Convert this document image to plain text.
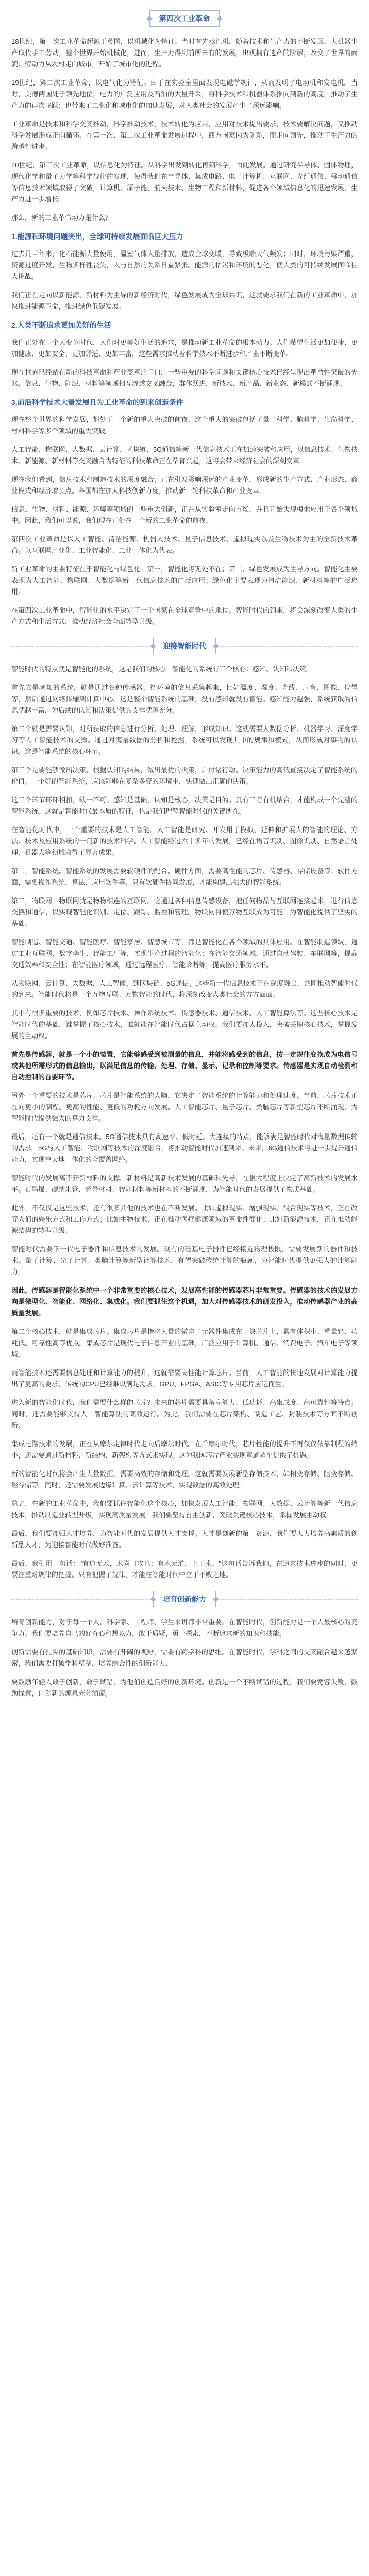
第四次工业革命

18世纪，第一次工业革命起源于英国，以机械化为特征。当时有先蒸汽机，随着技术和生产力的不断发展，大机器生产取代手工劳动，整个世界开始机械化，进而，生产力得到前所未有的发展，出现拥有遗产的阶层，改变了世界的面貌；劳动力从农村走向城市，开始了城市化的进程。

19世纪，第二次工业革命，以电气化为特征。由于在实验室里面发现电磁学规律，从而发明了电动机和发电机。当时，美德两国处于领先地位，电力的广泛应用及石油的大量开采，将科学技术和机器体系推向到新的高度，推动了生产力的再次飞跃；也带来了工业化和城市化的加速发展，对人类社会的发展产生了深远影响。

工业革命是技术和科学交叉推动，科学推动技术，技术转化为应用，应用对技术提出要求，技术要解决问题，又推动科学发展形成正向循环。在第一次、第二次工业革命发展过程中，西方国家因为创新，而走向领先，推动了生产力的跨越性进步。

20世纪，第三次工业革命，以信息化为特征。从科学出发到转化再到科学，由此发展。通过研究半导体、固体物理，现代化学和量子力学等科学规律的发现，使得我们在半导体、集成电路、电子计算机、互联网、光纤通信、移动通信等信息技术领域取得了突破，计算机、原子能、航天技术、生物工程和新材料，促进各个领域信息化的迅速发展，生产力进一步增长。

那么，新的工业革命动力是什么？

1.能源和环境问题突出，全球可持续发展面临巨大压力

过去几百年来，化石能源大量使用，温室气体大量排放，造成全球变暖，导致极端天气频发；同时，环境污染严重，资源过度开发，生物多样性丧失，人与自然的关系日益紧张。能源的枯竭和环境的恶化，使人类的可持续发展面临巨大挑战。

我们正在走向以新能源、新材料为主导的新经济时代，绿色发展成为全球共识，这就要求我们在新的工业革命中，加快推进能源革命，推进绿色低碳发展。

2.人类不断追求更加美好的生活

我们正处在一个大变革时代，人们对更美好生活的追求，是推动新工业革命的根本动力。人们希望生活更加便捷、更加健康、更加安全、更加舒适、更加丰富，这些需求推动着科学技术不断进步和产业不断变革。

现在世界已经站在新的科技革命和产业变革的门口，一些重要的科学问题和关键核心技术已经呈现出革命性突破的先兆。信息、生物、能源、材料等领域相互渗透交叉融合，群体跃进，新技术、新产品、新业态、新模式不断涌现。

3.前沿科学技术大量发展且为工业革命的到来创造条件

现在整个世界的科学发展，都处于一个新的重大突破的前夜，这个重大的突破包括了量子科学、脑科学、生命科学、材料科学等多个领域的重大突破。

人工智能、物联网、大数据、云计算、区块链、5G通信等新一代信息技术正在加速突破和应用，以信息技术、生物技术、新能源、新材料等交叉融合为特征的科技革命正在孕育兴起，这将会带来经济社会的深刻变革。

现在我们看到，信息技术和制造技术的深度融合，正在引发影响深远的产业变革，形成新的生产方式、产业形态、商业模式和经济增长点。各国都在加大科技创新力度，推动新一轮科技革命和产业变革。

信息、生物、材料、能源、环境等领域的一些重大创新，正在从实验室走向市场，并且开始大规模地应用于各个领域中。因此，我们可以说，我们现在正处在一个新的工业革命的前夜。

第四次工业革命是以人工智能、清洁能源、机器人技术、量子信息技术、虚拟现实以及生物技术为主的全新技术革命。以互联网产业化、工业智能化、工业一体化为代表。

新工业革命的主要特征在于智能化与绿色化。第一，智能化将无处不在；第二，绿色发展成为主导方向。智能化主要表现为人工智能、物联网、大数据等新一代信息技术的广泛应用；绿色化主要表现为清洁能源、新材料等的广泛应用。

在第四次工业革命中，智能化的水平决定了一个国家在全球竞争中的地位。智能时代的到来，将会深刻改变人类的生产方式和生活方式，推动经济社会全面转型升级。

迎接智能时代

智能时代的特点就是智能化的系统，这是我们的核心。智能化的系统有三个核心：感知、认知和决策。

首先它是感知的系统，就是通过各种传感器，把环境的信息采集起来，比如温度、湿度、光线、声音、图像、位置等，然后通过网络传输到计算中心。这是整个智能系统的基础，没有感知就没有智能。感知能力越强，系统获取的信息就越丰富，为后续的认知和决策提供的支撑就越充分。

第二个就是需要认知，对所获取的信息进行分析、处理、理解，形成知识。这就需要大数据分析、机器学习、深度学习等人工智能技术的支撑。通过对海量数据的分析和挖掘，系统可以发现其中的规律和模式，从而形成对事物的认识。这是智能系统的核心环节。

第三个是要能够做出决策，根据认知的结果，做出最优的决策，并付诸行动。决策能力的高低直接决定了智能系统的价值。一个好的智能系统，应该能够在复杂多变的环境中，快速做出正确的决策。

这三个环节环环相扣，缺一不可。感知是基础，认知是核心，决策是目的。只有三者有机结合，才能构成一个完整的智能系统。这就是智能时代最本质的特征，也是我们理解智能时代的关键所在。

在智能化时代中，一个重要的技术是人工智能。人工智能是研究、开发用于模拟、延伸和扩展人的智能的理论、方法、技术及应用系统的一门新的技术科学。人工智能经过六十多年的发展，已经在语音识别、图像识别、自然语言处理、机器人等领域取得了显著成果。

第二，智能系统。智能系统的发展需要软硬件的配合。硬件方面，需要高性能的芯片、传感器、存储设备等；软件方面，需要操作系统、算法、应用软件等。只有软硬件协同发展，才能构建出强大的智能系统。

第三，物联网。物联网就是物物相连的互联网。它通过各种信息传感设备，把任何物品与互联网连接起来，进行信息交换和通信，以实现智能化识别、定位、跟踪、监控和管理。物联网将使万物互联成为可能，为智能化提供了坚实的基础。

智能制造、智能交通、智能医疗、智能家居、智慧城市等，都是智能化在各个领域的具体应用。在智能制造领域，通过工业互联网、数字孪生、智能工厂等，实现生产过程的智能化；在智能交通领域，通过自动驾驶、车联网等，提高交通效率和安全性；在智能医疗领域，通过远程医疗、智能诊断等，提高医疗服务水平。

从物联网、云计算、大数据、人工智能，到区块链、5G通信，这些新一代信息技术正在深度融合，共同推动智能时代的到来。智能时代将是一个万物互联、万物智能的时代，将深刻改变人类社会的方方面面。

其中有很多重要的技术，例如芯片技术、操作系统技术、传感器技术、通信技术、人工智能算法等。这些核心技术是智能时代的基础，谁掌握了核心技术，谁就能在智能时代占据主动权。我们要加大投入，突破关键核心技术，掌握发展的主动权。

首先是传感器，就是一个小的装置，它能够感受到被测量的信息，并能将感受到的信息，按一定规律变换成为电信号或其他所需形式的信息输出，以满足信息的传输、处理、存储、显示、记录和控制等要求。传感器是实现自动检测和自动控制的首要环节。

另外一个重要的技术是芯片。芯片是智能系统的大脑，它决定了智能系统的计算能力和处理速度。当前，芯片技术正在向更小的制程、更高的性能、更低的功耗方向发展。人工智能芯片、量子芯片、类脑芯片等新型芯片不断涌现，为智能时代提供强大的算力支撑。

最后，还有一个就是通信技术。5G通信技术具有高速率、低时延、大连接的特点，能够满足智能时代对海量数据传输的需求。5G与人工智能、物联网等技术的深度融合，将推动智能时代加速到来。未来，6G通信技术将进一步提升通信能力，实现空天地一体化的全覆盖网络。

智能时代的发展离不开新材料的支撑。新材料是高新技术发展的基础和先导，在很大程度上决定了高新技术的发展水平。石墨烯、碳纳米管、超导材料、智能材料等新材料的不断涌现，为智能时代的发展提供了物质基础。

此外，不仅仅是这些技术，还有很多其他的技术也在不断发展。比如虚拟现实、增强现实、混合现实等技术，正在改变人们的娱乐方式和工作方式；比如生物技术，正在推动医疗健康领域的革命性变化；比如新能源技术，正在推动能源结构的转型升级。

智能时代需要下一代电子器件和信息技术的发展。现有的硅基电子器件已经接近物理极限，需要发展新的器件和技术。量子计算、光子计算、类脑计算等新型计算技术，有望突破传统计算的瓶颈，为智能时代提供更强大的计算能力。

因此，传感器是智能化系统中一个非常重要的核心技术，发展高性能的传感器芯片非常重要。传感器的技术的发展方向是微型化、智能化、网络化、集成化。我们要抓住这个机遇，加大对传感器技术的研发投入，推动传感器产业的高质量发展。

第二个核心技术，就是集成芯片。集成芯片是指将大量的微电子元器件集成在一块芯片上，具有体积小、重量轻、功耗低、可靠性高等优点。集成芯片是现代电子信息产业的基础，广泛应用于计算机、通信、消费电子、汽车电子等领域。

而智能技术还需要信息处理和计算能力的提升，这就需要高性能计算芯片。当前，人工智能的快速发展对计算能力提出了更高的要求，传统的CPU已经难以满足需求，GPU、FPGA、ASIC等专用芯片应运而生。

进入新的智能化时代，我们需要什么样的芯片？未来的芯片需要具备高算力、低功耗、高集成度、高可靠性等特点。同时，还需要能够支持人工智能算法的高效运行。为此，我们需要在芯片架构、制造工艺、封装技术等方面不断创新。

集成电路技术的发展，正在从摩尔定律时代走向后摩尔时代。在后摩尔时代，芯片性能的提升不再仅仅依靠制程的缩小，还需要通过新材料、新结构、新架构等方式来实现。这为我国芯片产业实现弯道超车提供了机遇。

新的智能化时代将会产生大量数据，需要高效的存储和处理。这就需要发展新型存储技术，如相变存储、阻变存储、磁存储等。同时，还需要发展边缘计算、云计算等技术，实现数据的高效处理。

总之，在新的工业革命中，我们要抓住智能化这个核心，加快发展人工智能、物联网、大数据、云计算等新一代信息技术，推动制造业转型升级，实现高质量发展。我们要坚持自主创新，突破关键核心技术，掌握发展主动权。

最后，我们要加强人才培养，为智能时代的发展提供人才支撑。人才是创新的第一资源，我们要大力培养高素质的创新型人才，为迎接智能时代做好准备。

最后，我引用一句话："有道无术，术尚可求也；有术无道，止于术。"这句话告诉我们，在追求技术进步的同时，更要注重对规律的把握。只有把握了规律，才能在智能时代中立于不败之地。

培育创新能力

培育创新能力，对于每一个人，科学家、工程师、学生来讲都非常重要。在智能时代，创新能力是一个人最核心的竞争力。我们要培养自己的好奇心和想象力，敢于质疑，勇于探索，不断追求新的知识和技能。

创新需要有扎实的基础知识，需要有开阔的视野，需要有跨学科的思维。在智能时代，学科之间的交叉融合越来越紧密，我们需要打破学科壁垒，培养综合性的创新能力。

要鼓励年轻人敢于创新，敢于试错，为他们创造良好的创新环境。创新是一个不断试错的过程，我们要宽容失败，鼓励探索，让创新的源泉充分涌流。
